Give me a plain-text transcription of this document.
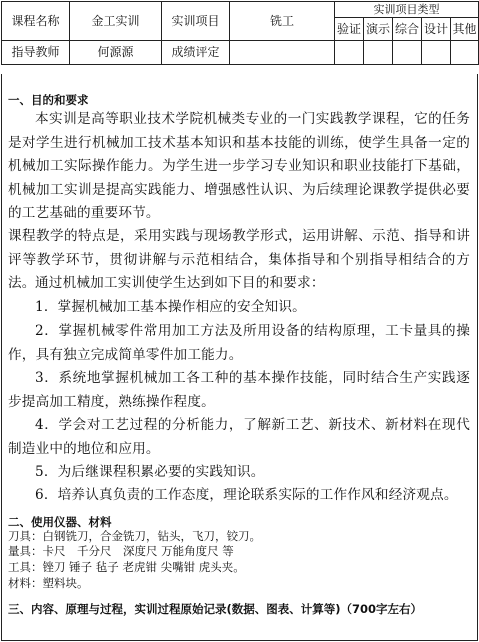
课程名称	金工实训	实训项目	铣工	实训项目类型				
				验证	演示	综合	设计	其他
指导教师	何源源	成绩评定						
一、目的和要求
本实训是高等职业技术学院机械类专业的一门实践教学课程，它的任务是对学生进行机械加工技术基本知识和基本技能的训练，使学生具备一定的机械加工实际操作能力。为学生进一步学习专业知识和职业技能打下基础，机械加工实训是提高实践能力、增强感性认识、为后续理论课教学提供必要的工艺基础的重要环节。
课程教学的特点是，采用实践与现场教学形式，运用讲解、示范、指导和讲评等教学环节，贯彻讲解与示范相结合，集体指导和个别指导相结合的方法。 通过机械加工实训使学生达到如下目的和要求：
1．掌握机械加工基本操作相应的安全知识。
2．掌握机械零件常用加工方法及所用设备的结构原理，工卡量具的操作，具有独立完成简单零件加工能力。
3．系统地掌握机械加工各工种的基本操作技能，同时结合生产实践逐步提高加工精度，熟练操作程度。
4．学会对工艺过程的分析能力，了解新工艺、新技术、新材料在现代制造业中的地位和应用。
5．为后继课程积累必要的实践知识。
6．培养认真负责的工作态度，理论联系实际的工作作风和经济观点。
二、使用仪器、材料
刀具：白钢铣刀，合金铣刀，钻头，飞刀，铰刀。
量具：卡尺　千分尺　深度尺 万能角度尺 等
工具：锉刀 锤子 毡子 老虎钳 尖嘴钳 虎头夹。
材料：塑料块。
三、内容、原理与过程，实训过程原始记录(数据、图表、计算等)（700字左右）
